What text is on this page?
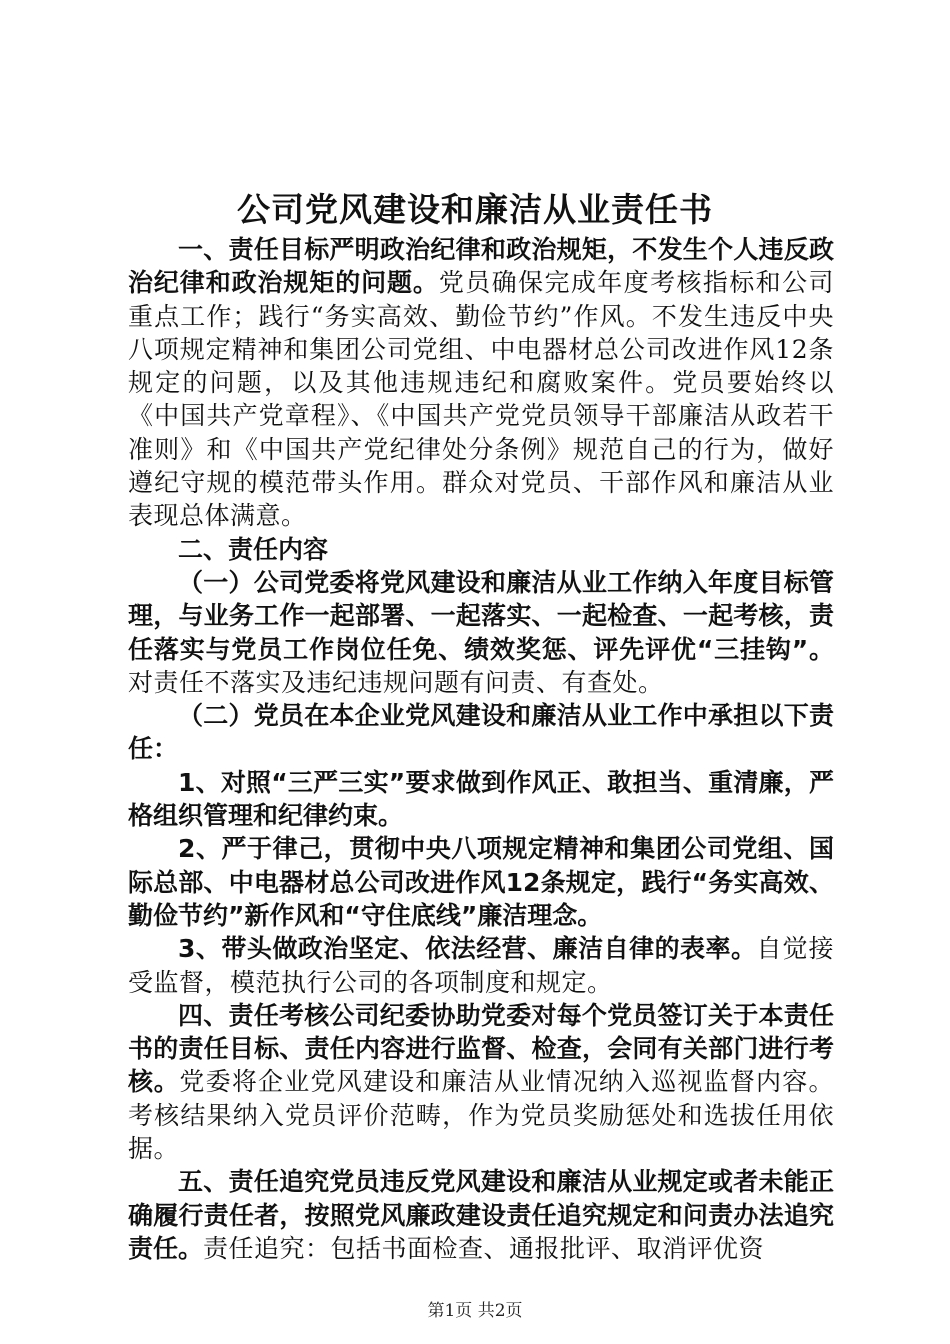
公司党风建设和廉洁从业责任书

一、责任目标严明政治纪律和政治规矩，不发生个人违反政治纪律和政治规矩的问题。党员确保完成年度考核指标和公司重点工作；践行“务实高效、勤俭节约”作风。不发生违反中央八项规定精神和集团公司党组、中电器材总公司改进作风12条规定的问题，以及其他违规违纪和腐败案件。党员要始终以《中国共产党章程》、《中国共产党党员领导干部廉洁从政若干准则》和《中国共产党纪律处分条例》规范自己的行为，做好遵纪守规的模范带头作用。群众对党员、干部作风和廉洁从业表现总体满意。

二、责任内容

（一）公司党委将党风建设和廉洁从业工作纳入年度目标管理，与业务工作一起部署、一起落实、一起检查、一起考核，责任落实与党员工作岗位任免、绩效奖惩、评先评优“三挂钩”。对责任不落实及违纪违规问题有问责、有查处。

（二）党员在本企业党风建设和廉洁从业工作中承担以下责任：

1、对照“三严三实”要求做到作风正、敢担当、重清廉，严格组织管理和纪律约束。

2、严于律己，贯彻中央八项规定精神和集团公司党组、国际总部、中电器材总公司改进作风12条规定，践行“务实高效、勤俭节约”新作风和“守住底线”廉洁理念。

3、带头做政治坚定、依法经营、廉洁自律的表率。自觉接受监督，模范执行公司的各项制度和规定。

四、责任考核公司纪委协助党委对每个党员签订关于本责任书的责任目标、责任内容进行监督、检查，会同有关部门进行考核。党委将企业党风建设和廉洁从业情况纳入巡视监督内容。考核结果纳入党员评价范畴，作为党员奖励惩处和选拔任用依据。

五、责任追究党员违反党风建设和廉洁从业规定或者未能正确履行责任者，按照党风廉政建设责任追究规定和问责办法追究责任。责任追究：包括书面检查、通报批评、取消评优资

第1页 共2页
